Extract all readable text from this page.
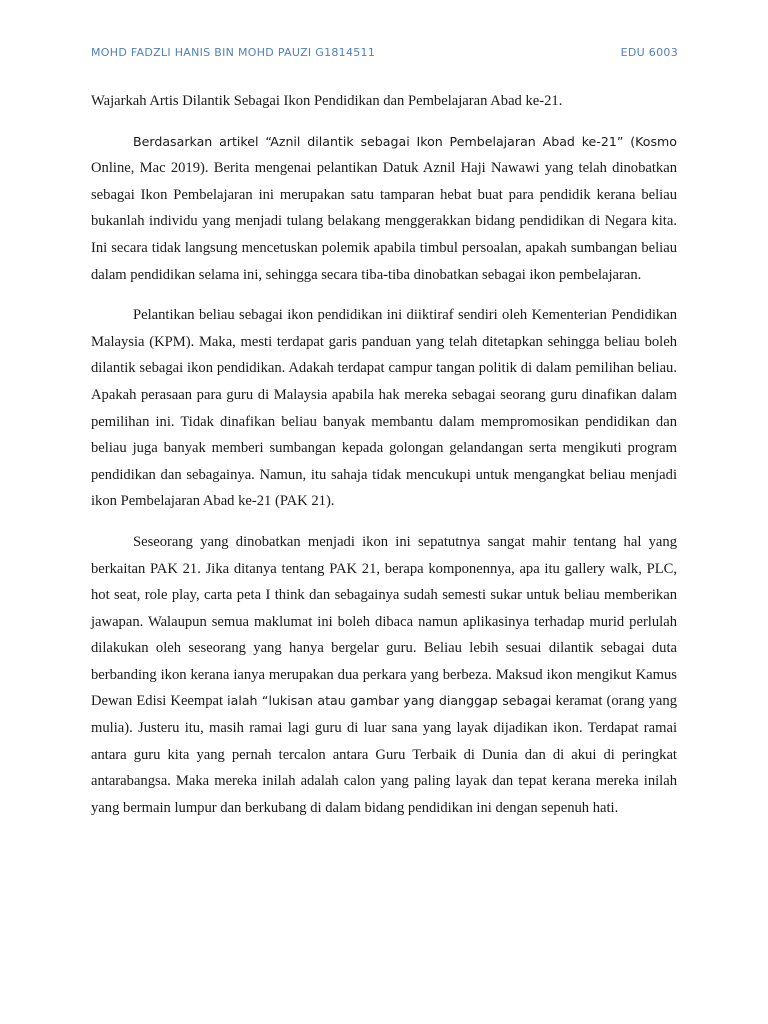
MOHD FADZLI HANIS BIN MOHD PAUZI G1814511	EDU 6003

Wajarkah Artis Dilantik Sebagai Ikon Pendidikan dan Pembelajaran Abad ke-21.

Berdasarkan artikel “Aznil dilantik sebagai Ikon Pembelajaran Abad ke-21” (Kosmo Online, Mac 2019). Berita mengenai pelantikan Datuk Aznil Haji Nawawi yang telah dinobatkan sebagai Ikon Pembelajaran ini merupakan satu tamparan hebat buat para pendidik kerana beliau bukanlah individu yang menjadi tulang belakang menggerakkan bidang pendidikan di Negara kita. Ini secara tidak langsung mencetuskan polemik apabila timbul persoalan, apakah sumbangan beliau dalam pendidikan selama ini, sehingga secara tiba-tiba dinobatkan sebagai ikon pembelajaran.

Pelantikan beliau sebagai ikon pendidikan ini diiktiraf sendiri oleh Kementerian Pendidikan Malaysia (KPM). Maka, mesti terdapat garis panduan yang telah ditetapkan sehingga beliau boleh dilantik sebagai ikon pendidikan. Adakah terdapat campur tangan politik di dalam pemilihan beliau. Apakah perasaan para guru di Malaysia apabila hak mereka sebagai seorang guru dinafikan dalam pemilihan ini. Tidak dinafikan beliau banyak membantu dalam mempromosikan pendidikan dan beliau juga banyak memberi sumbangan kepada golongan gelandangan serta mengikuti program pendidikan dan sebagainya. Namun, itu sahaja tidak mencukupi untuk mengangkat beliau menjadi ikon Pembelajaran Abad ke-21 (PAK 21).

Seseorang yang dinobatkan menjadi ikon ini sepatutnya sangat mahir tentang hal yang berkaitan PAK 21. Jika ditanya tentang PAK 21, berapa komponennya, apa itu gallery walk, PLC, hot seat, role play, carta peta I think dan sebagainya sudah semesti sukar untuk beliau memberikan jawapan. Walaupun semua maklumat ini boleh dibaca namun aplikasinya terhadap murid perlulah dilakukan oleh seseorang yang hanya bergelar guru. Beliau lebih sesuai dilantik sebagai duta berbanding ikon kerana ianya merupakan dua perkara yang berbeza. Maksud ikon mengikut Kamus Dewan Edisi Keempat ialah “lukisan atau gambar yang dianggap sebagai keramat (orang yang mulia). Justeru itu, masih ramai lagi guru di luar sana yang layak dijadikan ikon. Terdapat ramai antara guru kita yang pernah tercalon antara Guru Terbaik di Dunia dan di akui di peringkat antarabangsa. Maka mereka inilah adalah calon yang paling layak dan tepat kerana mereka inilah yang bermain lumpur dan berkubang di dalam bidang pendidikan ini dengan sepenuh hati.
